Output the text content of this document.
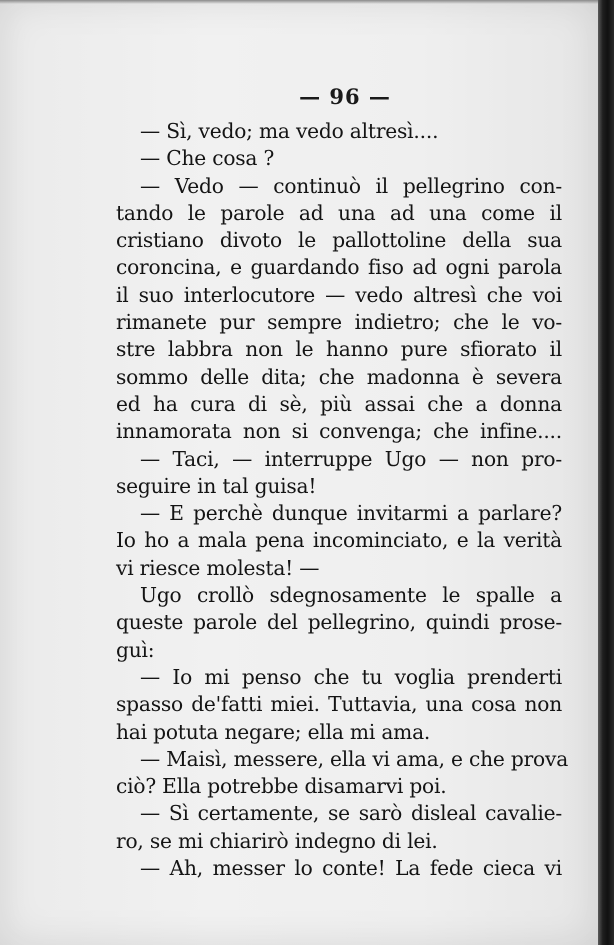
— 96 —
— Sì, vedo; ma vedo altresì....
— Che cosa ?
— Vedo — continuò il pellegrino con-
tando le parole ad una ad una come il
cristiano divoto le pallottoline della sua
coroncina, e guardando fiso ad ogni parola
il suo interlocutore — vedo altresì che voi
rimanete pur sempre indietro; che le vo-
stre labbra non le hanno pure sfiorato il
sommo delle dita; che madonna è severa
ed ha cura di sè, più assai che a donna
innamorata non si convenga; che infine....
— Taci, — interruppe Ugo — non pro-
seguire in tal guisa!
— E perchè dunque invitarmi a parlare?
Io ho a mala pena incominciato, e la verità
vi riesce molesta! —
Ugo crollò sdegnosamente le spalle a
queste parole del pellegrino, quindi prose-
guì:
— Io mi penso che tu voglia prenderti
spasso de'fatti miei. Tuttavia, una cosa non
hai potuta negare; ella mi ama.
— Maisì, messere, ella vi ama, e che prova
ciò? Ella potrebbe disamarvi poi.
— Sì certamente, se sarò disleal cavalie-
ro, se mi chiarirò indegno di lei.
— Ah, messer lo conte! La fede cieca vi
